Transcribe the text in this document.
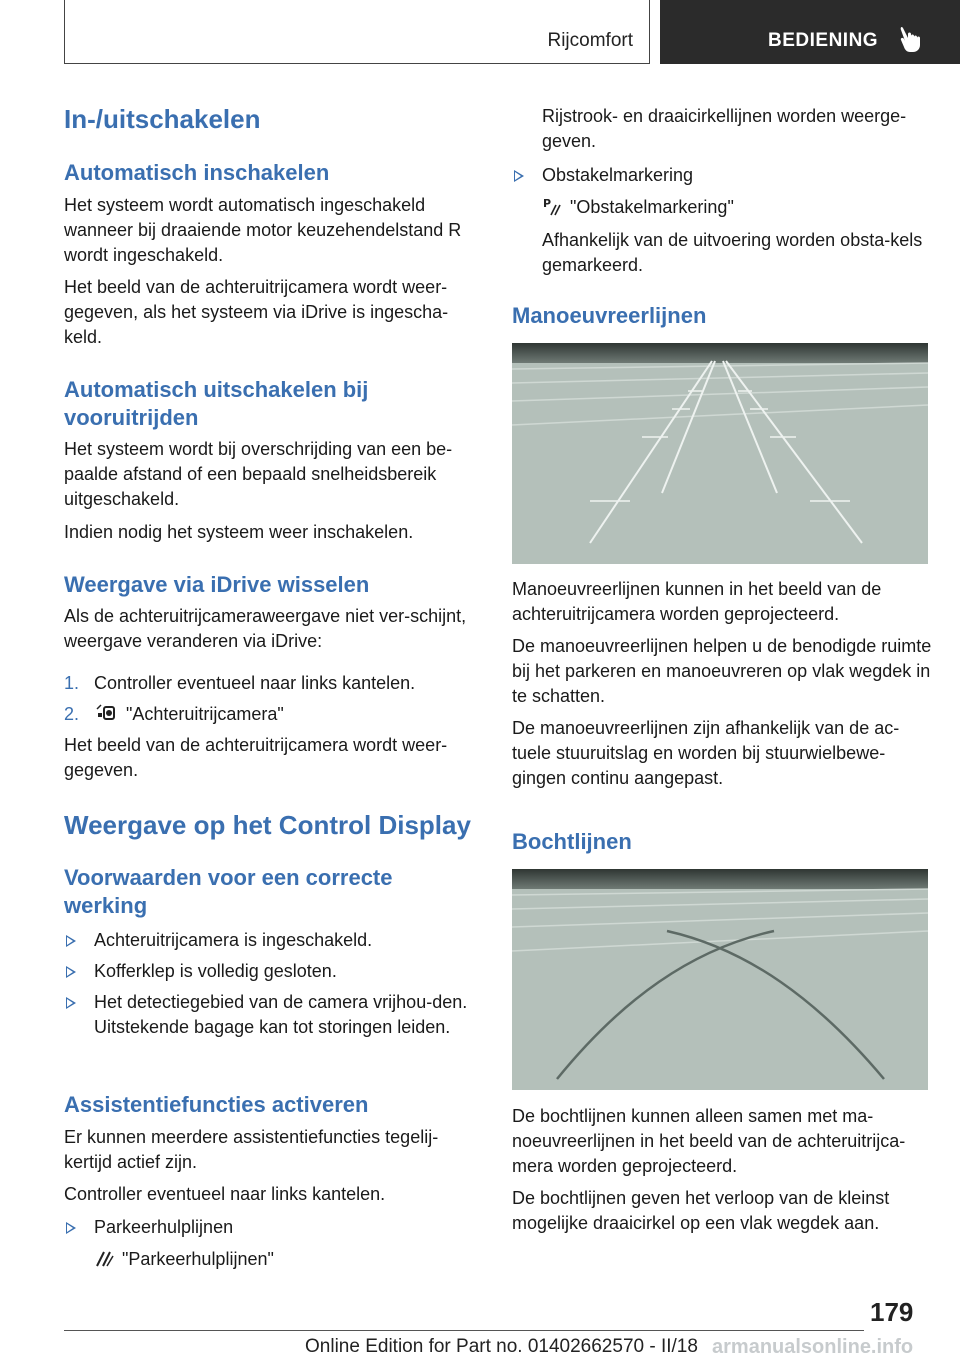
Rijcomfort	BEDIENING
In-/uitschakelen
Automatisch inschakelen

Het systeem wordt automatisch ingeschakeld wanneer bij draaiende motor keuzehendelstand R wordt ingeschakeld.

Het beeld van de achteruitrijcamera wordt weer‐gegeven, als het systeem via iDrive is ingescha‐keld.

Automatisch uitschakelen bij vooruitrijden

Het systeem wordt bij overschrijding van een be‐paalde afstand of een bepaald snelheidsbereik uitgeschakeld.

Indien nodig het systeem weer inschakelen.

Weergave via iDrive wisselen

Als de achteruitrijcameraweergave niet ver‐schijnt, weergave veranderen via iDrive:

1. Controller eventueel naar links kantelen.
2.	"Achteruitrijcamera"

Het beeld van de achteruitrijcamera wordt weer‐gegeven.

Weergave op het Control Display
Voorwaarden voor een correcte werking
Achteruitrijcamera is ingeschakeld.
Kofferklep is volledig gesloten.
Het detectiegebied van de camera vrijhou‐den. Uitstekende bagage kan tot storingen leiden.
Assistentiefuncties activeren

Er kunnen meerdere assistentiefuncties tegelij‐kertijd actief zijn.

Controller eventueel naar links kantelen.

Parkeerhulplijnen
"Parkeerhulplijnen"

Rijstrook- en draaicirkellijnen worden weerge‐geven.

Obstakelmarkering
P "Obstakelmarkering"

Afhankelijk van de uitvoering worden obsta‐kels gemarkeerd.

Manoeuvreerlijnen

Manoeuvreerlijnen kunnen in het beeld van de achteruitrijcamera worden geprojecteerd.

De manoeuvreerlijnen helpen u de benodigde ruimte bij het parkeren en manoeuvreren op vlak wegdek in te schatten.

De manoeuvreerlijnen zijn afhankelijk van de ac‐tuele stuuruitslag en worden bij stuurwielbewe‐gingen continu aangepast.

Bochtlijnen

De bochtlijnen kunnen alleen samen met ma‐noeuvreerlijnen in het beeld van de achteruitrijca‐mera worden geprojecteerd.

De bochtlijnen geven het verloop van de kleinst mogelijke draaicirkel op een vlak wegdek aan.

179
Online Edition for Part no. 01402662570 - II/18 armanualsonline.info
